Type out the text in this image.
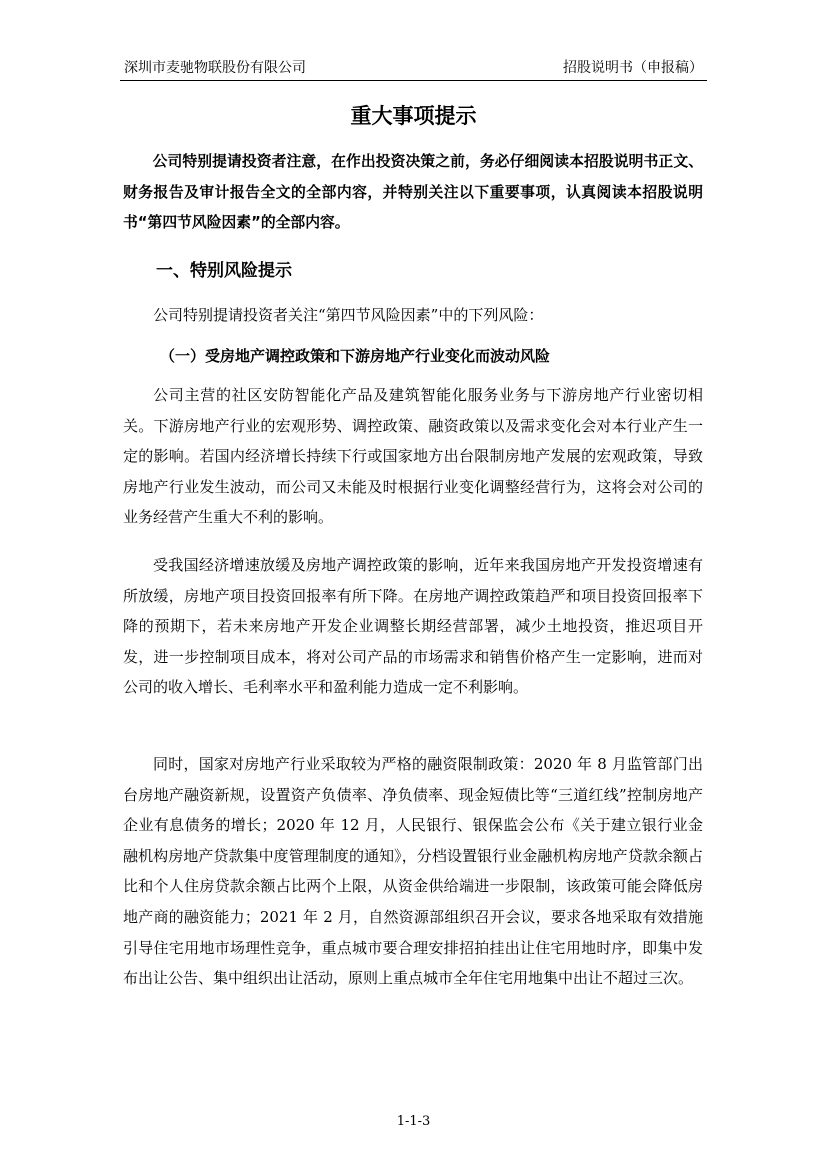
深圳市麦驰物联股份有限公司	招股说明书（申报稿）
重大事项提示

公司特别提请投资者注意，在作出投资决策之前，务必仔细阅读本招股说明书正文、财务报告及审计报告全文的全部内容，并特别关注以下重要事项，认真阅读本招股说明书“第四节风险因素”的全部内容。

一、特别风险提示

公司特别提请投资者关注“第四节风险因素”中的下列风险：

（一）受房地产调控政策和下游房地产行业变化而波动风险

公司主营的社区安防智能化产品及建筑智能化服务业务与下游房地产行业密切相关。下游房地产行业的宏观形势、调控政策、融资政策以及需求变化会对本行业产生一定的影响。若国内经济增长持续下行或国家地方出台限制房地产发展的宏观政策，导致房地产行业发生波动，而公司又未能及时根据行业变化调整经营行为，这将会对公司的业务经营产生重大不利的影响。

受我国经济增速放缓及房地产调控政策的影响，近年来我国房地产开发投资增速有所放缓，房地产项目投资回报率有所下降。在房地产调控政策趋严和项目投资回报率下降的预期下，若未来房地产开发企业调整长期经营部署，减少土地投资，推迟项目开发，进一步控制项目成本，将对公司产品的市场需求和销售价格产生一定影响，进而对公司的收入增长、毛利率水平和盈利能力造成一定不利影响。

同时，国家对房地产行业采取较为严格的融资限制政策：2020 年 8 月监管部门出台房地产融资新规，设置资产负债率、净负债率、现金短债比等“三道红线”控制房地产企业有息债务的增长；2020 年 12 月，人民银行、银保监会公布《关于建立银行业金融机构房地产贷款集中度管理制度的通知》，分档设置银行业金融机构房地产贷款余额占比和个人住房贷款余额占比两个上限，从资金供给端进一步限制，该政策可能会降低房地产商的融资能力；2021 年 2 月，自然资源部组织召开会议，要求各地采取有效措施引导住宅用地市场理性竞争，重点城市要合理安排招拍挂出让住宅用地时序，即集中发布出让公告、集中组织出让活动，原则上重点城市全年住宅用地集中出让不超过三次。

1-1-3
